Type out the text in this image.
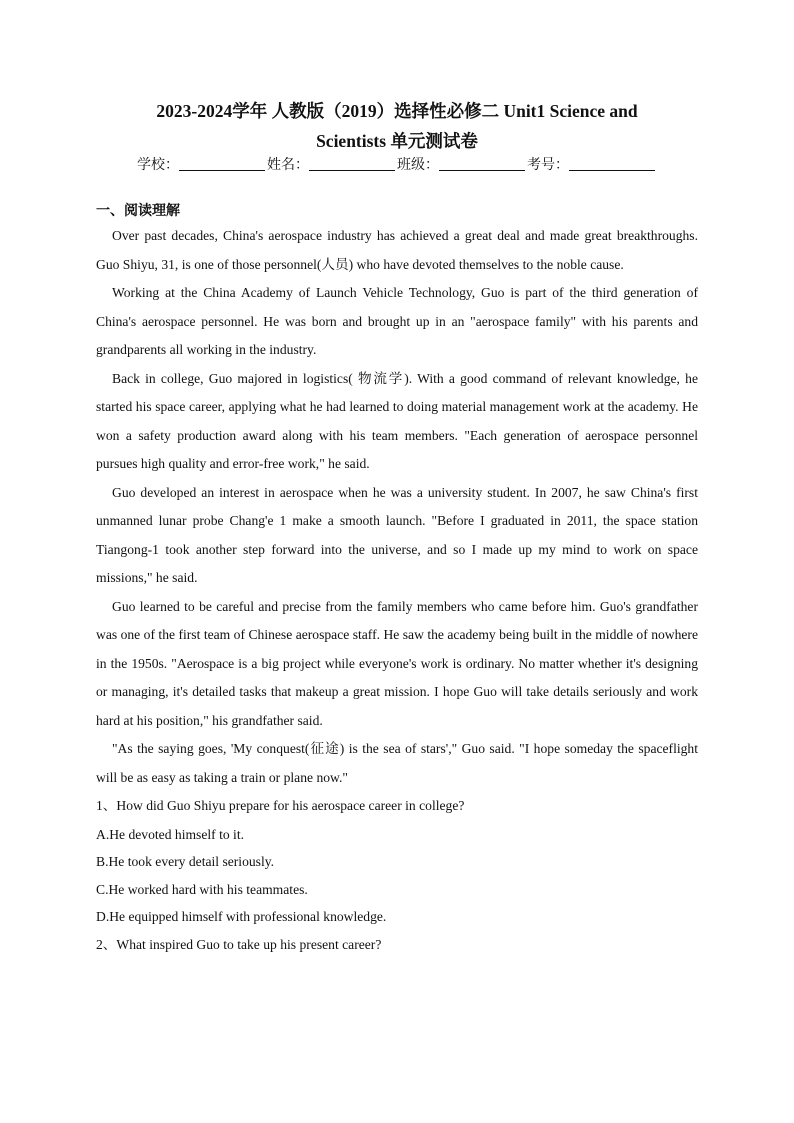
2023-2024学年 人教版（2019）选择性必修二 Unit1 Science and
Scientists 单元测试卷
学校：	姓名：	班级：	考号：
一、阅读理解

Over past decades, China's aerospace industry has achieved a great deal and made great breakthroughs. Guo Shiyu, 31, is one of those personnel(人员) who have devoted themselves to the noble cause.

Working at the China Academy of Launch Vehicle Technology, Guo is part of the third generation of China's aerospace personnel. He was born and brought up in an "aerospace family" with his parents and grandparents all working in the industry.

Back in college, Guo majored in logistics( 物流学). With a good command of relevant knowledge, he started his space career, applying what he had learned to doing material management work at the academy. He won a safety production award along with his team members. "Each generation of aerospace personnel pursues high quality and error-free work," he said.

Guo developed an interest in aerospace when he was a university student. In 2007, he saw China's first unmanned lunar probe Chang'e 1 make a smooth launch. "Before I graduated in 2011, the space station Tiangong-1 took another step forward into the universe, and so I made up my mind to work on space missions," he said.

Guo learned to be careful and precise from the family members who came before him. Guo's grandfather was one of the first team of Chinese aerospace staff. He saw the academy being built in the middle of nowhere in the 1950s. "Aerospace is a big project while everyone's work is ordinary. No matter whether it's designing or managing, it's detailed tasks that makeup a great mission. I hope Guo will take details seriously and work hard at his position," his grandfather said.

"As the saying goes, 'My conquest(征途) is the sea of stars'," Guo said. "I hope someday the spaceflight will be as easy as taking a train or plane now."

1、How did Guo Shiyu prepare for his aerospace career in college?

A.He devoted himself to it.

B.He took every detail seriously.

C.He worked hard with his teammates.

D.He equipped himself with professional knowledge.

2、What inspired Guo to take up his present career?
